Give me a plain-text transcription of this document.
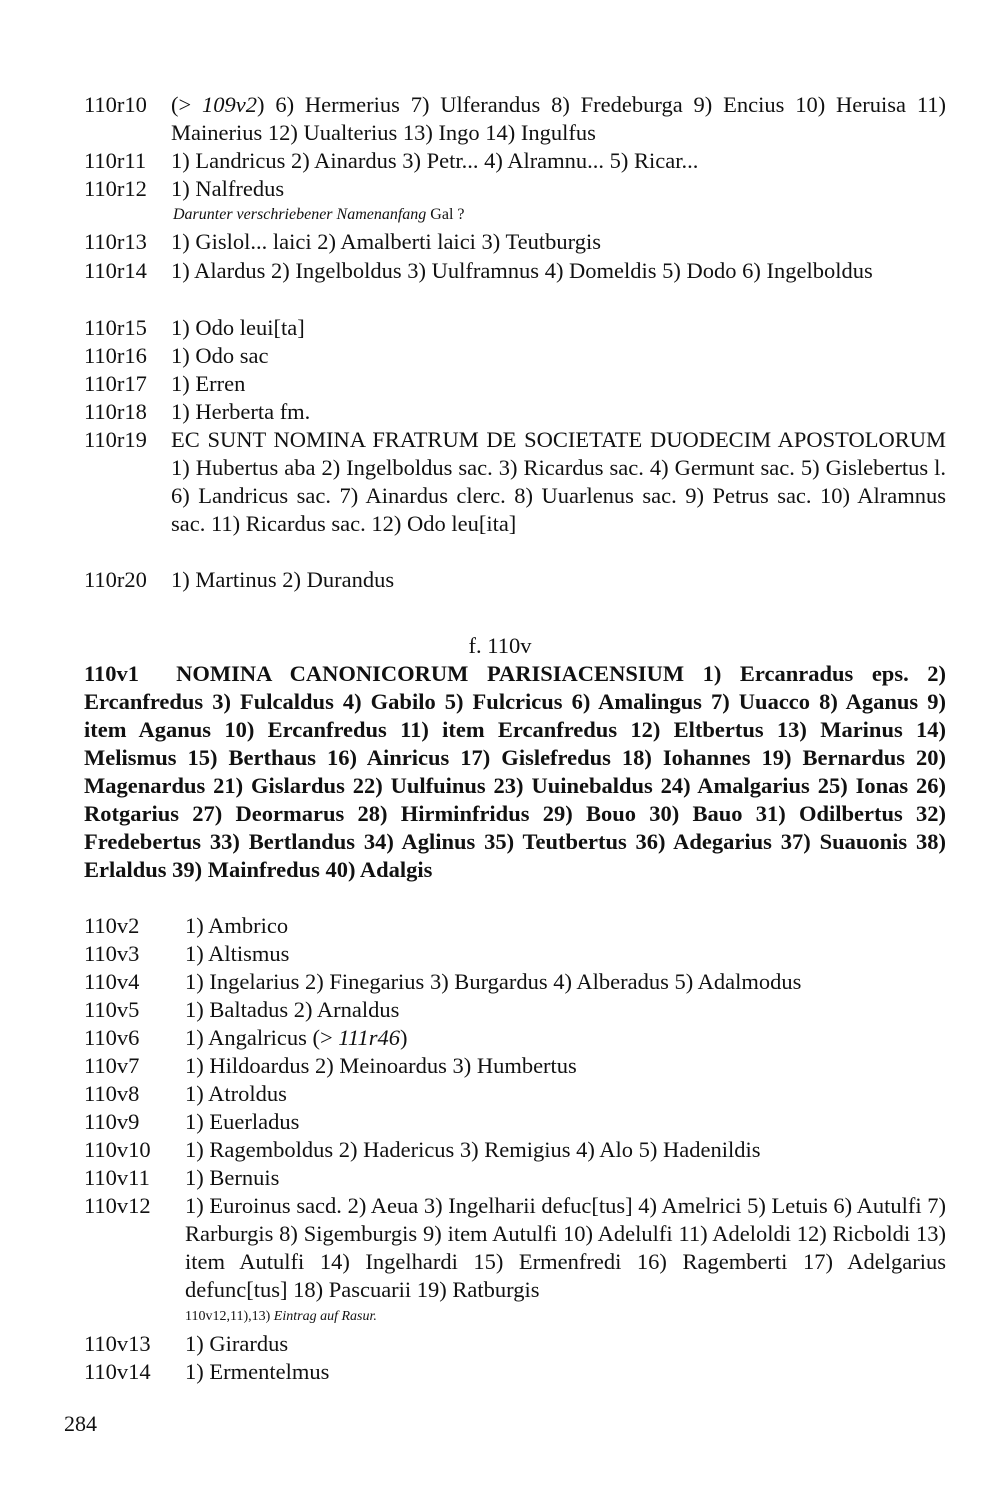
110r10	(> 109v2) 6) Hermerius 7) Ulferandus 8) Fredeburga 9) Encius 10) Heruisa 11) Mainerius 12) Uualterius 13) Ingo 14) Ingulfus
110r11	1) Landricus 2) Ainardus 3) Petr... 4) Alramnu... 5) Ricar...
110r12	1) Nalfredus
Darunter verschriebener Namenanfang Gal ?
110r13	1) Gislol... laici 2) Amalberti laici 3) Teutburgis
110r14	1) Alardus 2) Ingelboldus 3) Uulframnus 4) Domeldis 5) Dodo 6) Ingelboldus
110r15	1) Odo leui[ta]
110r16	1) Odo sac
110r17	1) Erren
110r18	1) Herberta fm.
110r19	EC SUNT NOMINA FRATRUM DE SOCIETATE DUODECIM APOSTOLORUM 1) Hubertus aba 2) Ingelboldus sac. 3) Ricardus sac. 4) Germunt sac. 5) Gislebertus l. 6) Landricus sac. 7) Ainardus clerc. 8) Uuarlenus sac. 9) Petrus sac. 10) Alramnus sac. 11) Ricardus sac. 12) Odo leu[ita]
110r20	1) Martinus 2) Durandus
f. 110v
110v1 NOMINA CANONICORUM PARISIACENSIUM 1) Ercanradus eps. 2) Ercanfredus 3) Fulcaldus 4) Gabilo 5) Fulcricus 6) Amalingus 7) Uuacco 8) Aganus 9) item Aganus 10) Ercanfredus 11) item Ercanfredus 12) Eltbertus 13) Marinus 14) Melismus 15) Berthaus 16) Ainricus 17) Gislefredus 18) Iohannes 19) Bernardus 20) Magenardus 21) Gislardus 22) Uulfuinus 23) Uuinebaldus 24) Amalgarius 25) Ionas 26) Rotgarius 27) Deormarus 28) Hirminfridus 29) Bouo 30) Bauo 31) Odilbertus 32) Fredebertus 33) Bertlandus 34) Aglinus 35) Teutbertus 36) Adegarius 37) Suauonis 38) Erlaldus 39) Mainfredus 40) Adalgis
110v2	1) Ambrico
110v3	1) Altismus
110v4	1) Ingelarius 2) Finegarius 3) Burgardus 4) Alberadus 5) Adalmodus
110v5	1) Baltadus 2) Arnaldus
110v6	1) Angalricus (> 111r46)
110v7	1) Hildoardus 2) Meinoardus 3) Humbertus
110v8	1) Atroldus
110v9	1) Euerladus
110v10	1) Ragemboldus 2) Hadericus 3) Remigius 4) Alo 5) Hadenildis
110v11	1) Bernuis
110v12	1) Euroinus sacd. 2) Aeua 3) Ingelharii defuc[tus] 4) Amelrici 5) Letuis 6) Autulfi 7) Rarburgis 8) Sigemburgis 9) item Autulfi 10) Adelulfi 11) Adeloldi 12) Ricboldi 13) item Autulfi 14) Ingelhardi 15) Ermenfredi 16) Ragemberti 17) Adelgarius defunc[tus] 18) Pascuarii 19) Ratburgis
110v12,11),13) Eintrag auf Rasur.
110v13	1) Girardus
110v14	1) Ermentelmus
284
